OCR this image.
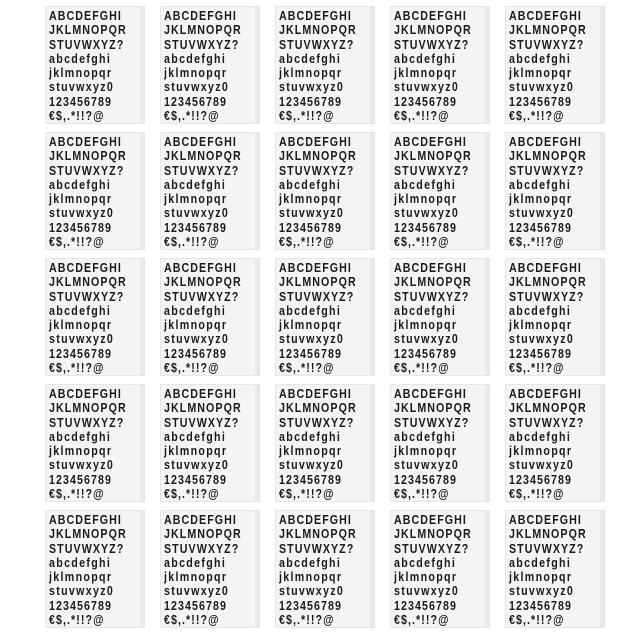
ABCDEFGHI
JKLMNOPQR
STUVWXYZ?
abcdefghi
jklmnopqr
stuvwxyz0
123456789
€$,.*!!?@
ABCDEFGHI
JKLMNOPQR
STUVWXYZ?
abcdefghi
jklmnopqr
stuvwxyz0
123456789
€$,.*!!?@
ABCDEFGHI
JKLMNOPQR
STUVWXYZ?
abcdefghi
jklmnopqr
stuvwxyz0
123456789
€$,.*!!?@
ABCDEFGHI
JKLMNOPQR
STUVWXYZ?
abcdefghi
jklmnopqr
stuvwxyz0
123456789
€$,.*!!?@
ABCDEFGHI
JKLMNOPQR
STUVWXYZ?
abcdefghi
jklmnopqr
stuvwxyz0
123456789
€$,.*!!?@
ABCDEFGHI
JKLMNOPQR
STUVWXYZ?
abcdefghi
jklmnopqr
stuvwxyz0
123456789
€$,.*!!?@
ABCDEFGHI
JKLMNOPQR
STUVWXYZ?
abcdefghi
jklmnopqr
stuvwxyz0
123456789
€$,.*!!?@
ABCDEFGHI
JKLMNOPQR
STUVWXYZ?
abcdefghi
jklmnopqr
stuvwxyz0
123456789
€$,.*!!?@
ABCDEFGHI
JKLMNOPQR
STUVWXYZ?
abcdefghi
jklmnopqr
stuvwxyz0
123456789
€$,.*!!?@
ABCDEFGHI
JKLMNOPQR
STUVWXYZ?
abcdefghi
jklmnopqr
stuvwxyz0
123456789
€$,.*!!?@
ABCDEFGHI
JKLMNOPQR
STUVWXYZ?
abcdefghi
jklmnopqr
stuvwxyz0
123456789
€$,.*!!?@
ABCDEFGHI
JKLMNOPQR
STUVWXYZ?
abcdefghi
jklmnopqr
stuvwxyz0
123456789
€$,.*!!?@
ABCDEFGHI
JKLMNOPQR
STUVWXYZ?
abcdefghi
jklmnopqr
stuvwxyz0
123456789
€$,.*!!?@
ABCDEFGHI
JKLMNOPQR
STUVWXYZ?
abcdefghi
jklmnopqr
stuvwxyz0
123456789
€$,.*!!?@
ABCDEFGHI
JKLMNOPQR
STUVWXYZ?
abcdefghi
jklmnopqr
stuvwxyz0
123456789
€$,.*!!?@
ABCDEFGHI
JKLMNOPQR
STUVWXYZ?
abcdefghi
jklmnopqr
stuvwxyz0
123456789
€$,.*!!?@
ABCDEFGHI
JKLMNOPQR
STUVWXYZ?
abcdefghi
jklmnopqr
stuvwxyz0
123456789
€$,.*!!?@
ABCDEFGHI
JKLMNOPQR
STUVWXYZ?
abcdefghi
jklmnopqr
stuvwxyz0
123456789
€$,.*!!?@
ABCDEFGHI
JKLMNOPQR
STUVWXYZ?
abcdefghi
jklmnopqr
stuvwxyz0
123456789
€$,.*!!?@
ABCDEFGHI
JKLMNOPQR
STUVWXYZ?
abcdefghi
jklmnopqr
stuvwxyz0
123456789
€$,.*!!?@
ABCDEFGHI
JKLMNOPQR
STUVWXYZ?
abcdefghi
jklmnopqr
stuvwxyz0
123456789
€$,.*!!?@
ABCDEFGHI
JKLMNOPQR
STUVWXYZ?
abcdefghi
jklmnopqr
stuvwxyz0
123456789
€$,.*!!?@
ABCDEFGHI
JKLMNOPQR
STUVWXYZ?
abcdefghi
jklmnopqr
stuvwxyz0
123456789
€$,.*!!?@
ABCDEFGHI
JKLMNOPQR
STUVWXYZ?
abcdefghi
jklmnopqr
stuvwxyz0
123456789
€$,.*!!?@
ABCDEFGHI
JKLMNOPQR
STUVWXYZ?
abcdefghi
jklmnopqr
stuvwxyz0
123456789
€$,.*!!?@
